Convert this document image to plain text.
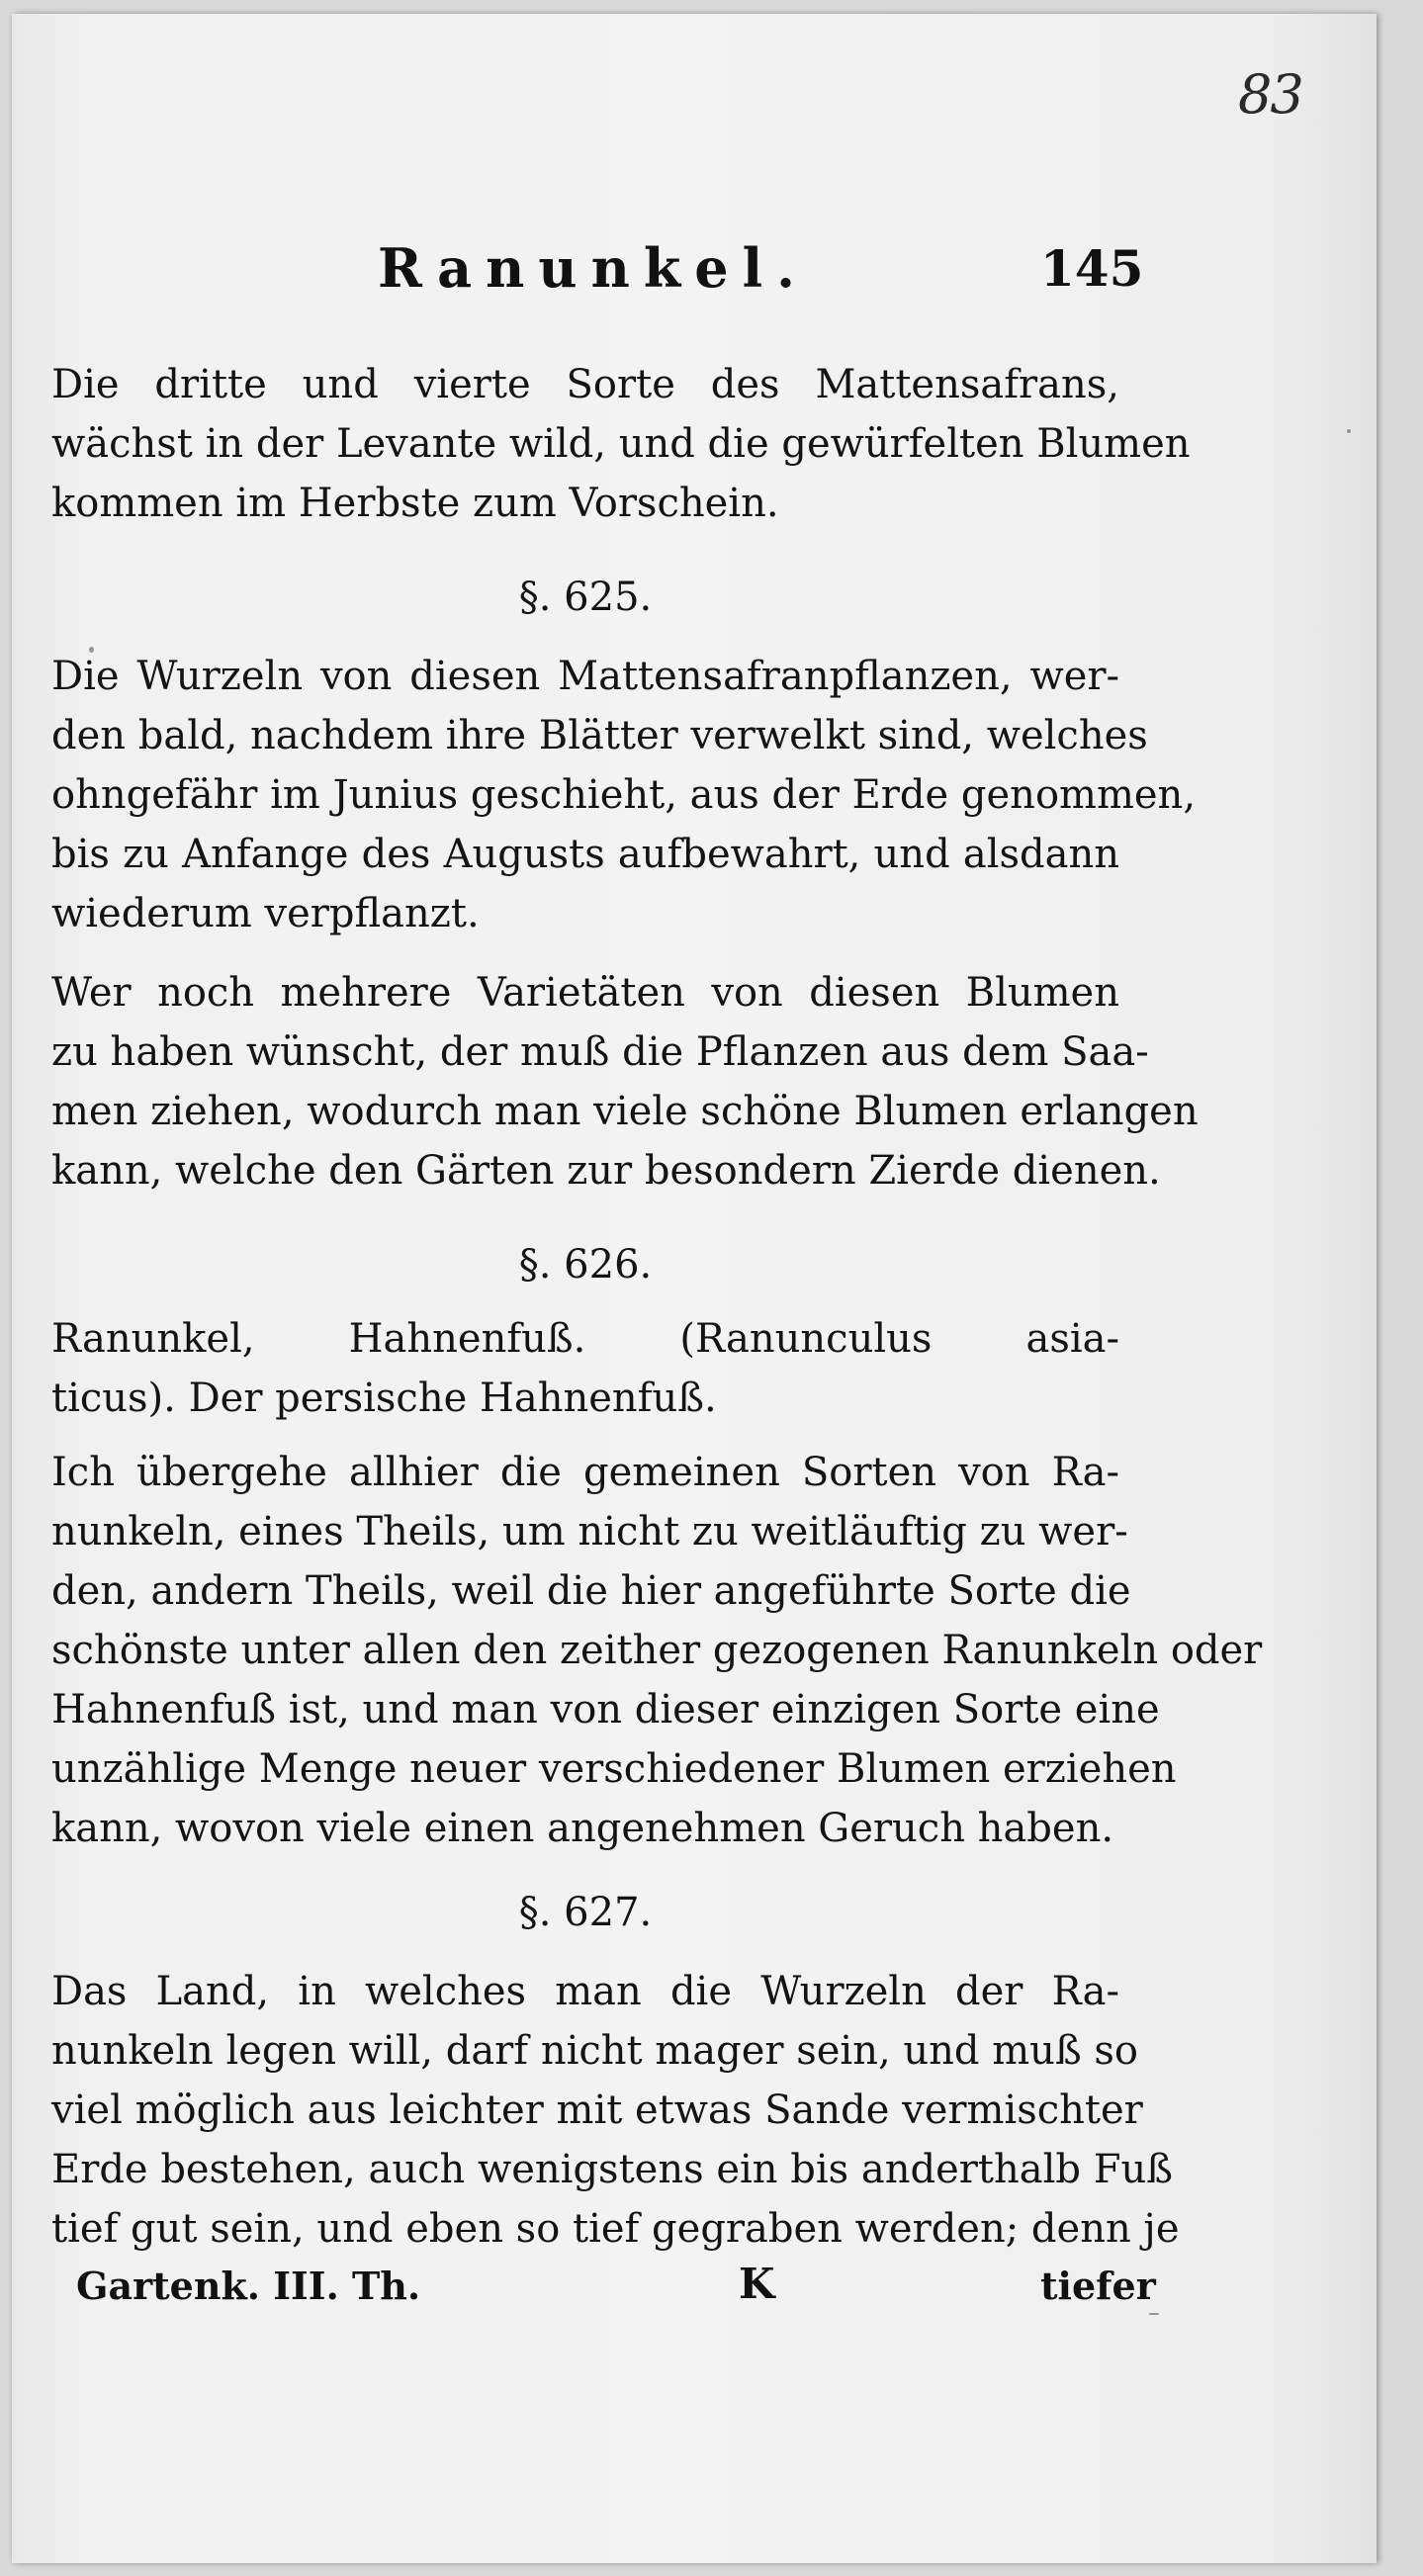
83
Ranunkel.	145
Die dritte und vierte Sorte des Mattensafrans,
wächst in der Levante wild, und die gewürfelten Blumen
kommen im Herbste zum Vorschein.
§. 625.
Die Wurzeln von diesen Mattensafranpflanzen, wer-
den bald, nachdem ihre Blätter verwelkt sind, welches
ohngefähr im Junius geschieht, aus der Erde genommen,
bis zu Anfange des Augusts aufbewahrt, und alsdann
wiederum verpflanzt.
Wer noch mehrere Varietäten von diesen Blumen
zu haben wünscht, der muß die Pflanzen aus dem Saa-
men ziehen, wodurch man viele schöne Blumen erlangen
kann, welche den Gärten zur besondern Zierde dienen.
§. 626.
Ranunkel, Hahnenfuß. (Ranunculus asia-
ticus). Der persische Hahnenfuß.
Ich übergehe allhier die gemeinen Sorten von Ra-
nunkeln, eines Theils, um nicht zu weitläuftig zu wer-
den, andern Theils, weil die hier angeführte Sorte die
schönste unter allen den zeither gezogenen Ranunkeln oder
Hahnenfuß ist, und man von dieser einzigen Sorte eine
unzählige Menge neuer verschiedener Blumen erziehen
kann, wovon viele einen angenehmen Geruch haben.
§. 627.
Das Land, in welches man die Wurzeln der Ra-
nunkeln legen will, darf nicht mager sein, und muß so
viel möglich aus leichter mit etwas Sande vermischter
Erde bestehen, auch wenigstens ein bis anderthalb Fuß
tief gut sein, und eben so tief gegraben werden; denn je
Gartenk. III. Th.	K	tiefer
